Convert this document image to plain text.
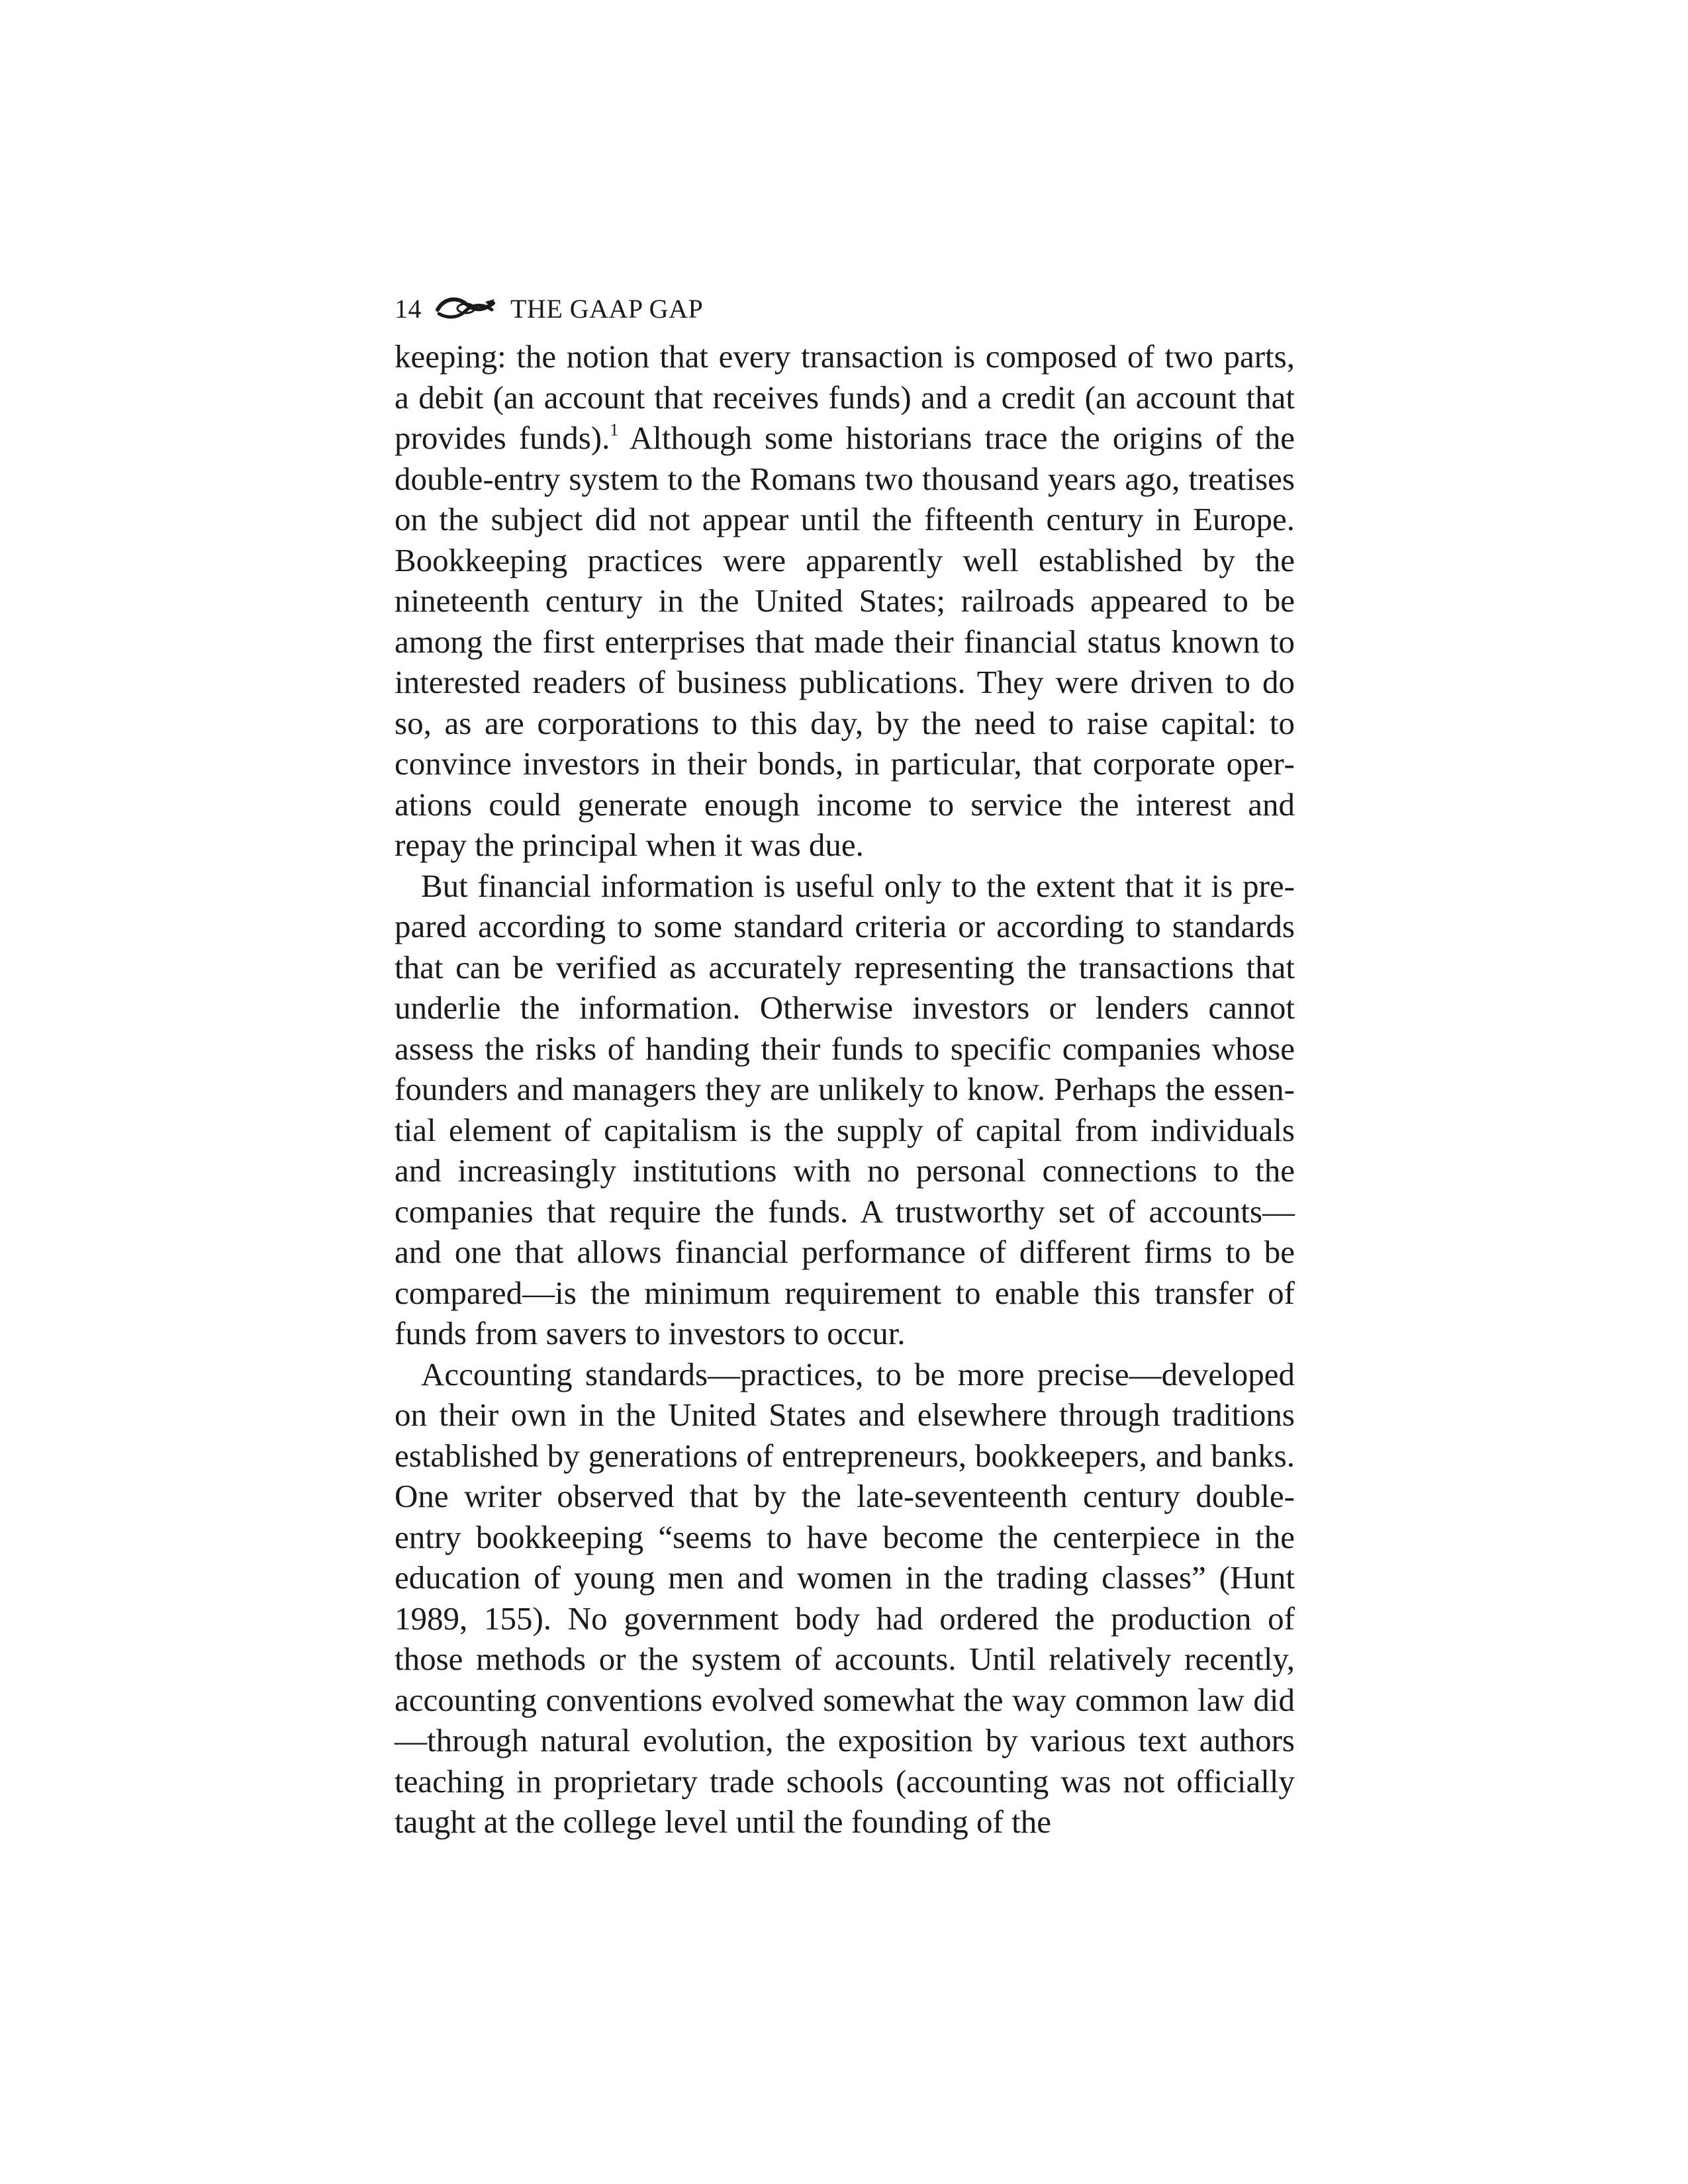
14	THE GAAP GAP

keeping: the notion that every transaction is composed of two parts, a debit (an account that receives funds) and a credit (an account that provides funds).$^1$ Although some historians trace the origins of the double-entry system to the Romans two thousand years ago, treatises on the subject did not appear until the fifteenth century in Europe. Bookkeeping practices were apparently well established by the nineteenth century in the United States; railroads appeared to be among the first enterprises that made their financial status known to interested readers of business publications. They were driven to do so, as are corporations to this day, by the need to raise capital: to convince investors in their bonds, in particular, that corporate operations could generate enough income to service the interest and repay the principal when it was due.

But financial information is useful only to the extent that it is prepared according to some standard criteria or according to standards that can be verified as accurately representing the transactions that underlie the information. Otherwise investors or lenders cannot assess the risks of handing their funds to specific companies whose founders and managers they are unlikely to know. Perhaps the essential element of capitalism is the supply of capital from individuals and increasingly institutions with no personal connections to the companies that require the funds. A trustworthy set of accounts— and one that allows financial performance of different firms to be compared—is the minimum requirement to enable this transfer of funds from savers to investors to occur.

Accounting standards—practices, to be more precise—developed on their own in the United States and elsewhere through traditions established by generations of entrepreneurs, bookkeepers, and banks. One writer observed that by the late-seventeenth century double-entry bookkeeping “seems to have become the centerpiece in the education of young men and women in the trading classes” (Hunt 1989, 155). No government body had ordered the production of those methods or the system of accounts. Until relatively recently, accounting conventions evolved somewhat the way common law did—through natural evolution, the exposition by various text authors teaching in proprietary trade schools (accounting was not officially taught at the college level until the founding of the
